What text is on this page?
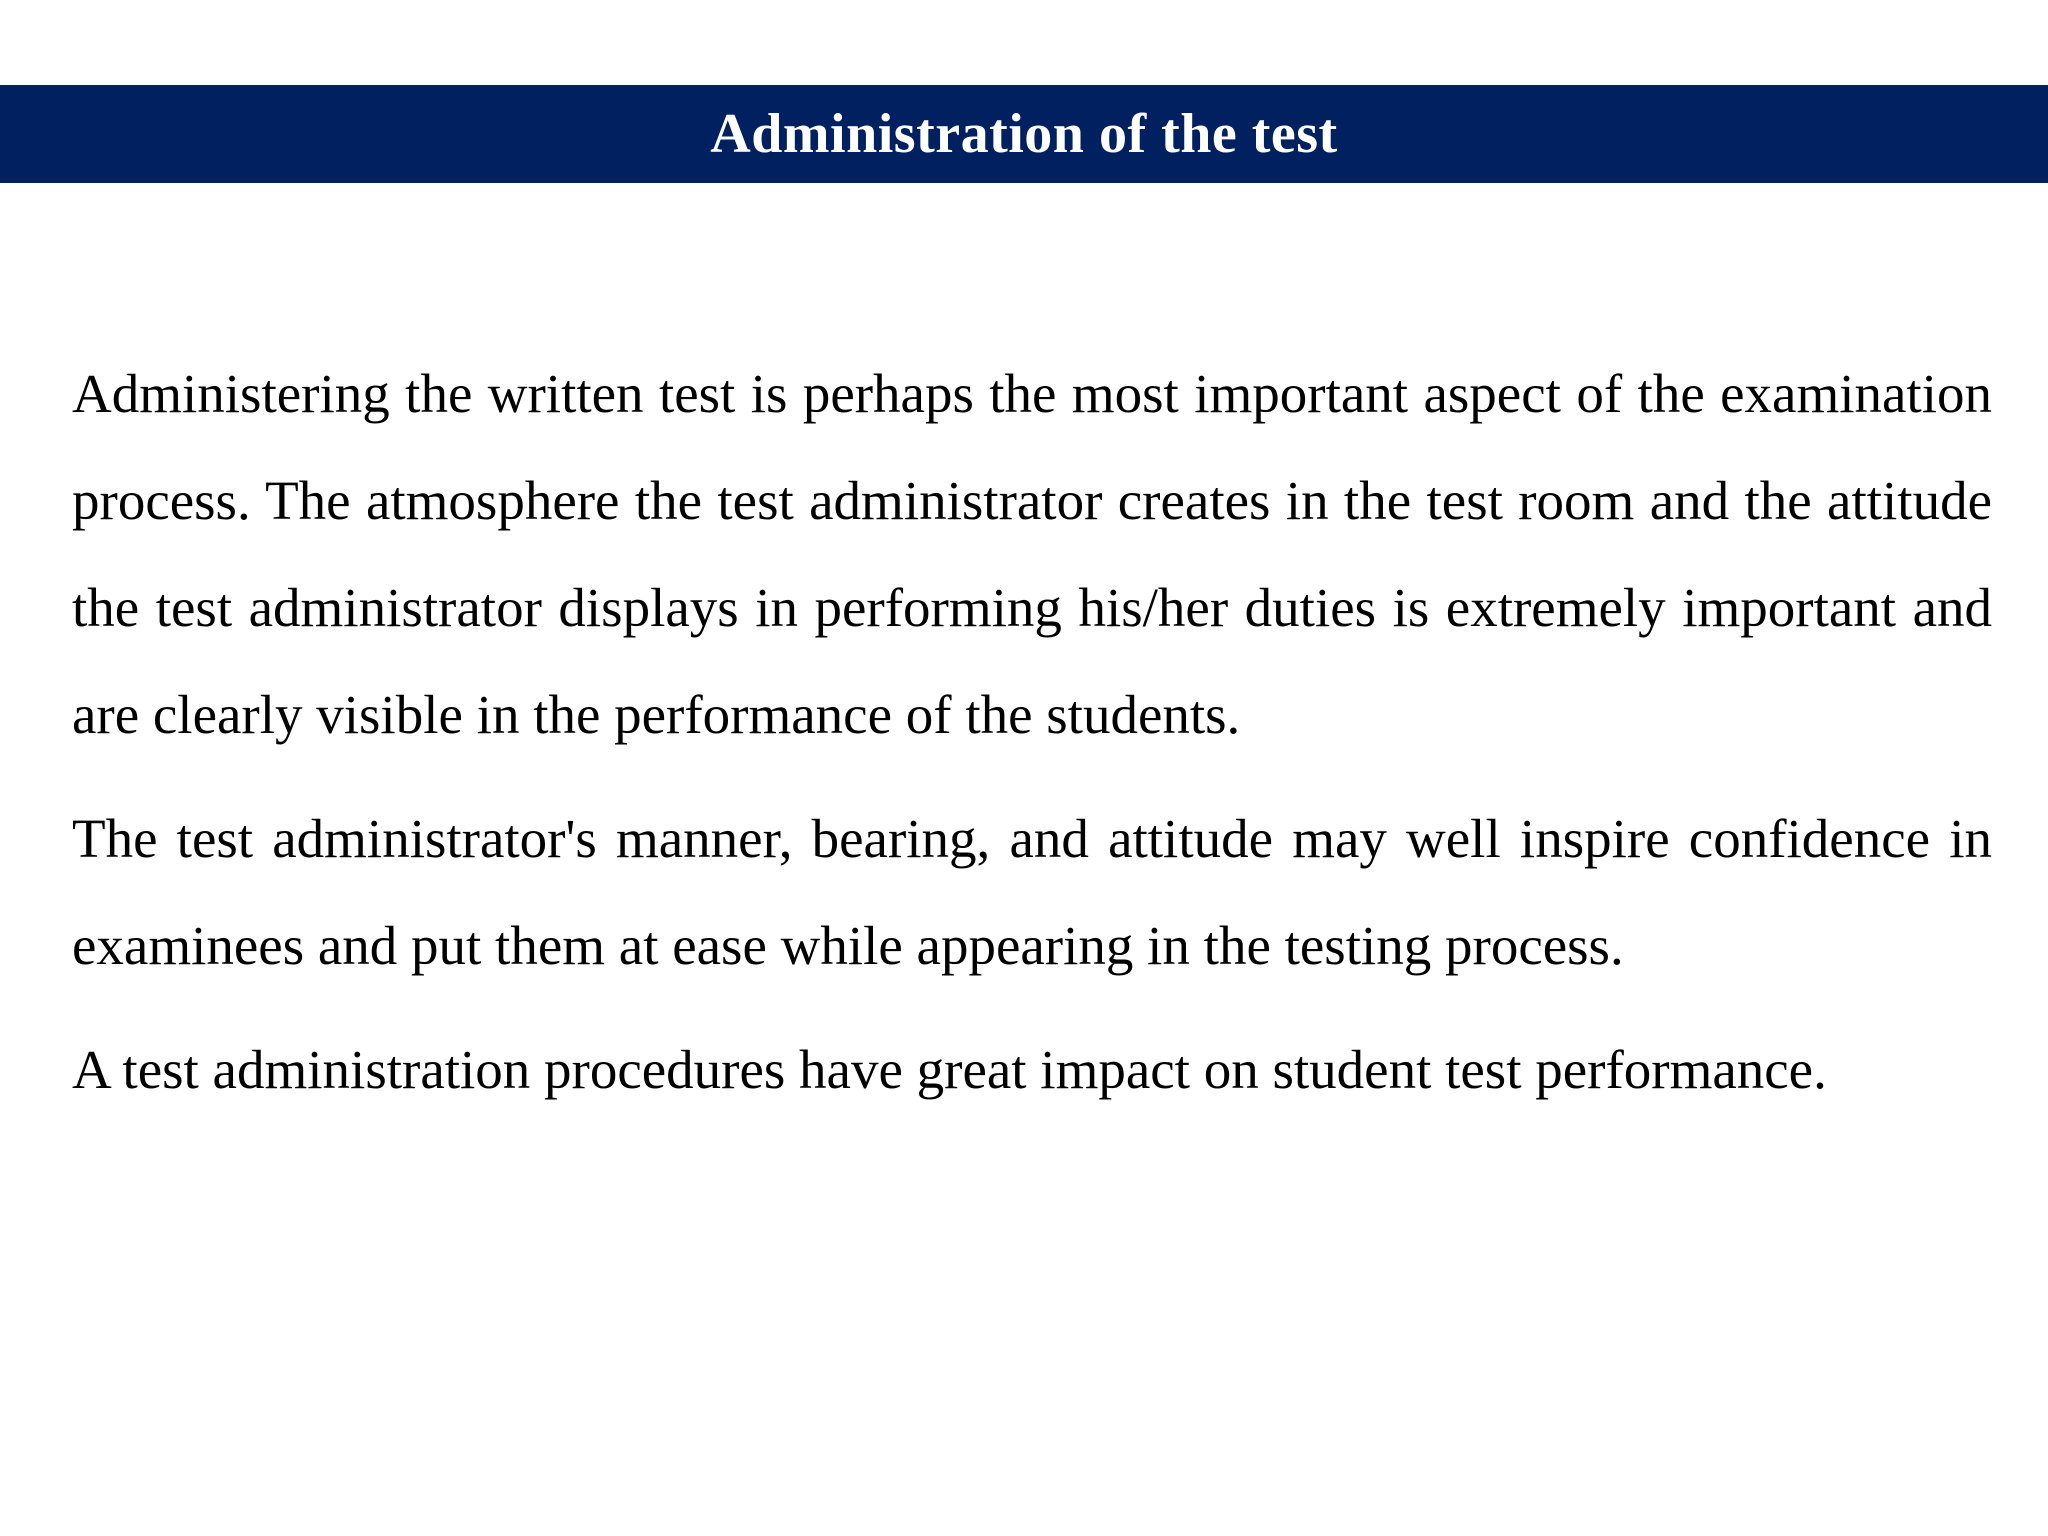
Administration of the test

Administering the written test is perhaps the most important aspect of the examination process. The atmosphere the test administrator creates in the test room and the attitude the test administrator displays in performing his/her duties is extremely important and are clearly visible in the performance of the students.

The test administrator's manner, bearing, and attitude may well inspire confidence in examinees and put them at ease while appearing in the testing process.

A test administration procedures have great impact on student test performance.
